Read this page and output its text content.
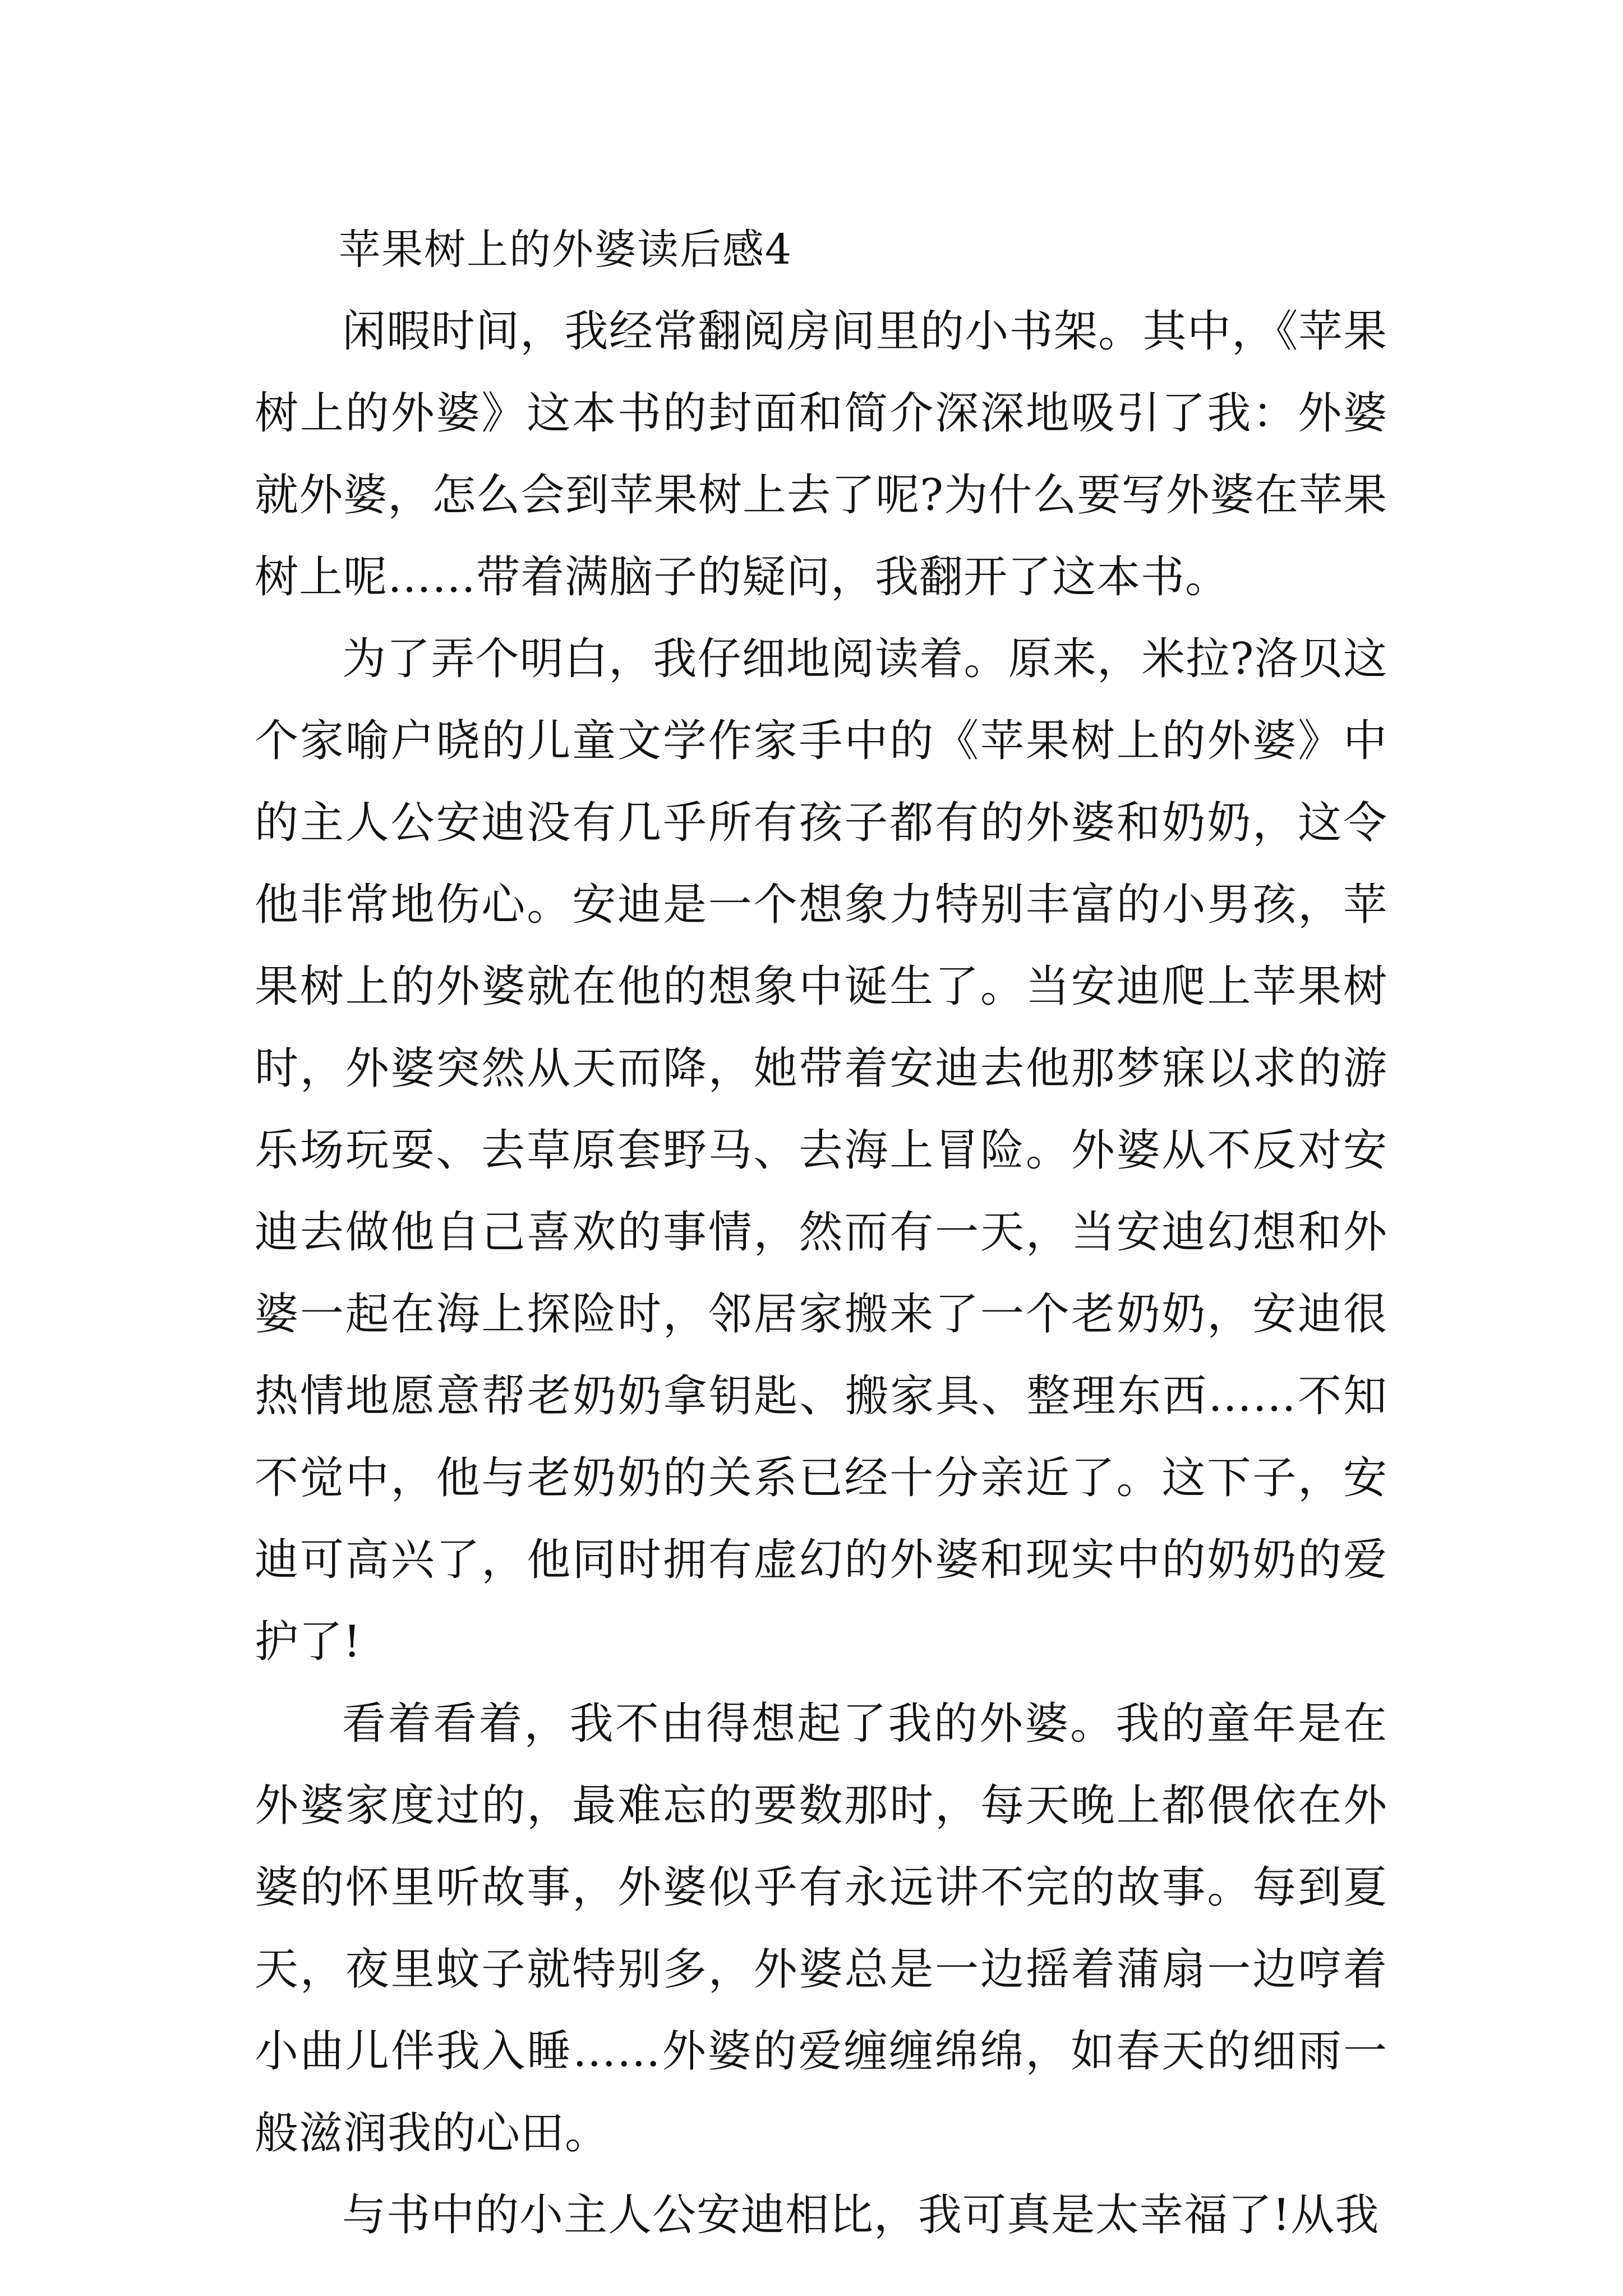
苹果树上的外婆读后感4

闲暇时间，我经常翻阅房间里的小书架。其中，《苹果树上的外婆》这本书的封面和简介深深地吸引了我：外婆就外婆，怎么会到苹果树上去了呢?为什么要写外婆在苹果树上呢……带着满脑子的疑问，我翻开了这本书。

为了弄个明白，我仔细地阅读着。原来，米拉?洛贝这个家喻户晓的儿童文学作家手中的《苹果树上的外婆》中的主人公安迪没有几乎所有孩子都有的外婆和奶奶，这令他非常地伤心。安迪是一个想象力特别丰富的小男孩，苹果树上的外婆就在他的想象中诞生了。当安迪爬上苹果树时，外婆突然从天而降，她带着安迪去他那梦寐以求的游乐场玩耍、去草原套野马、去海上冒险。外婆从不反对安迪去做他自己喜欢的事情，然而有一天，当安迪幻想和外婆一起在海上探险时，邻居家搬来了一个老奶奶，安迪很热情地愿意帮老奶奶拿钥匙、搬家具、整理东西……不知不觉中，他与老奶奶的关系已经十分亲近了。这下子，安迪可高兴了，他同时拥有虚幻的外婆和现实中的奶奶的爱护了!

看着看着，我不由得想起了我的外婆。我的童年是在外婆家度过的，最难忘的要数那时，每天晚上都偎依在外婆的怀里听故事，外婆似乎有永远讲不完的故事。每到夏天，夜里蚊子就特别多，外婆总是一边摇着蒲扇一边哼着小曲儿伴我入睡……外婆的爱缠缠绵绵，如春天的细雨一般滋润我的心田。

与书中的小主人公安迪相比，我可真是太幸福了!从我
